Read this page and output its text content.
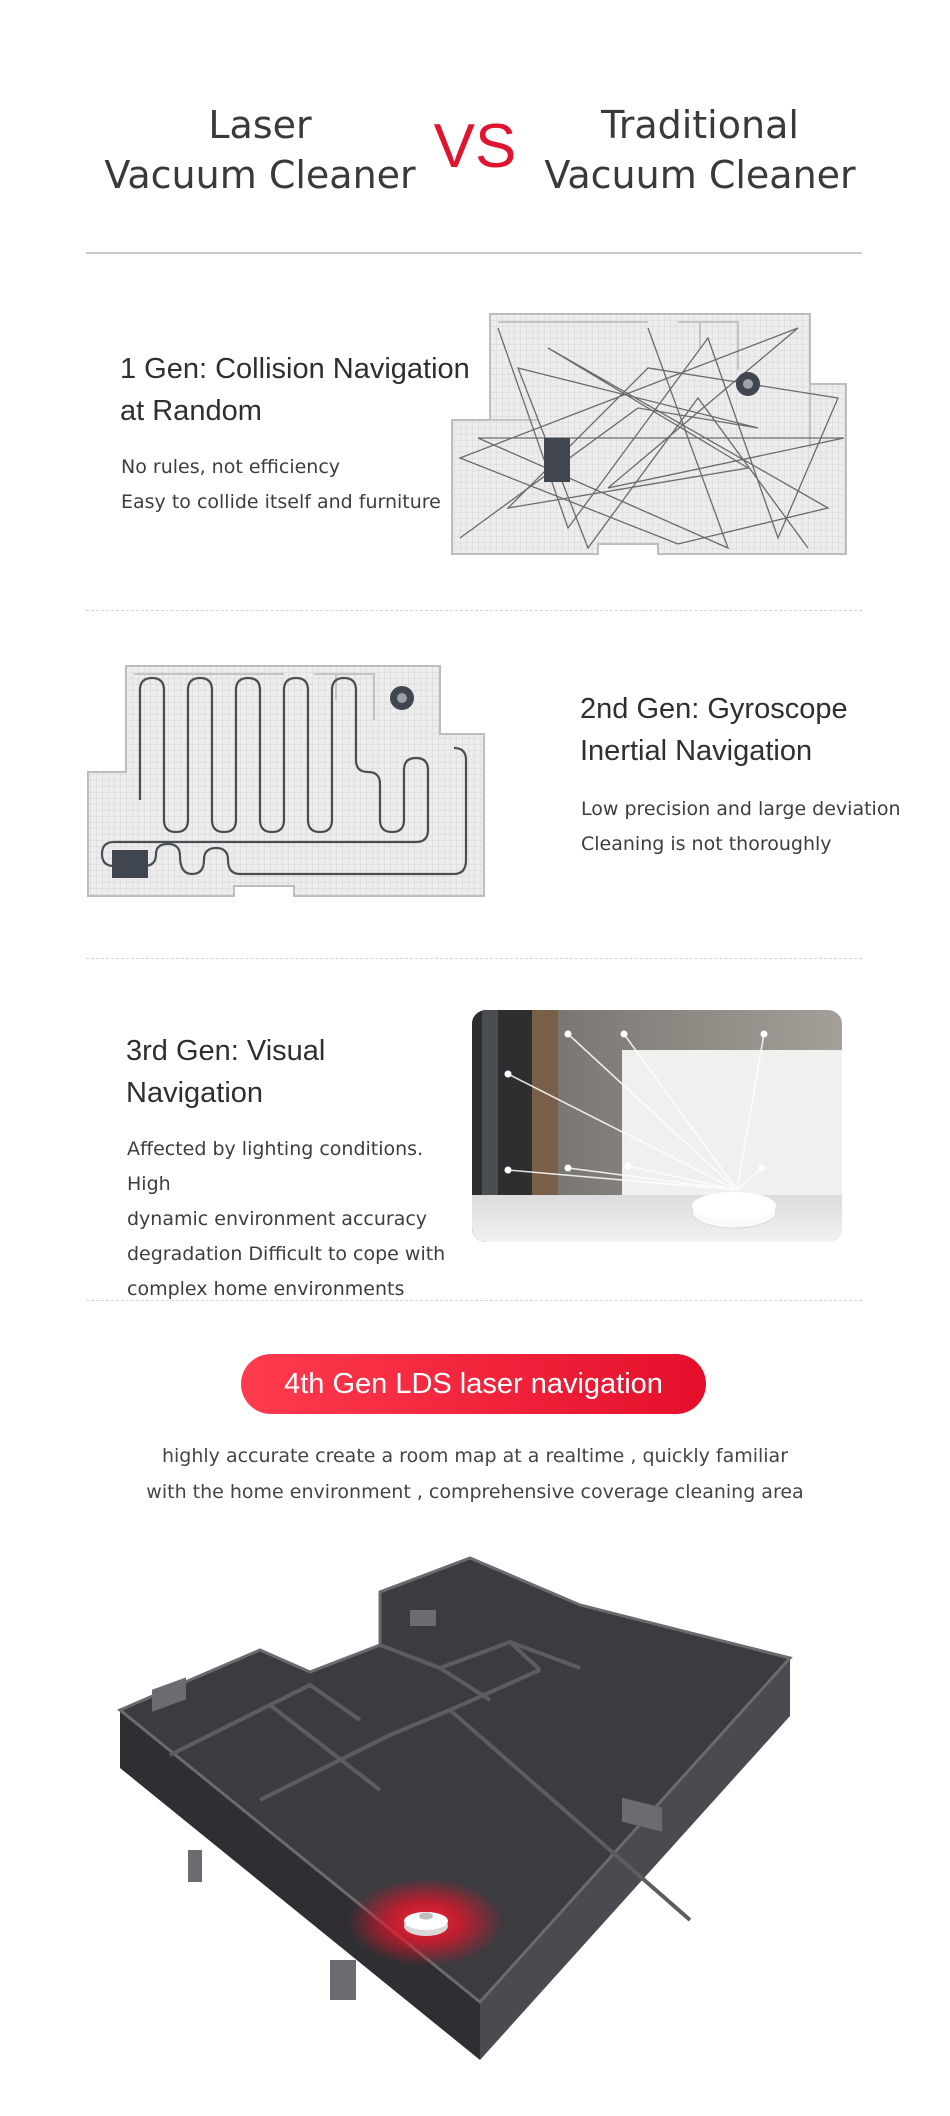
Laser
Vacuum Cleaner VS	Traditional
Vacuum Cleaner
1 Gen: Collision Navigation
at Random
No rules, not efficiency
Easy to collide itself and furniture
2nd Gen: Gyroscope
Inertial Navigation
Low precision and large deviation
Cleaning is not thoroughly
3rd Gen: Visual
Navigation
Affected by lighting conditions. High
dynamic environment accuracy
degradation Difficult to cope with
complex home environments
4th Gen LDS laser navigation
highly accurate create a room map at a realtime , quickly familiar
with the home environment , comprehensive coverage cleaning area
